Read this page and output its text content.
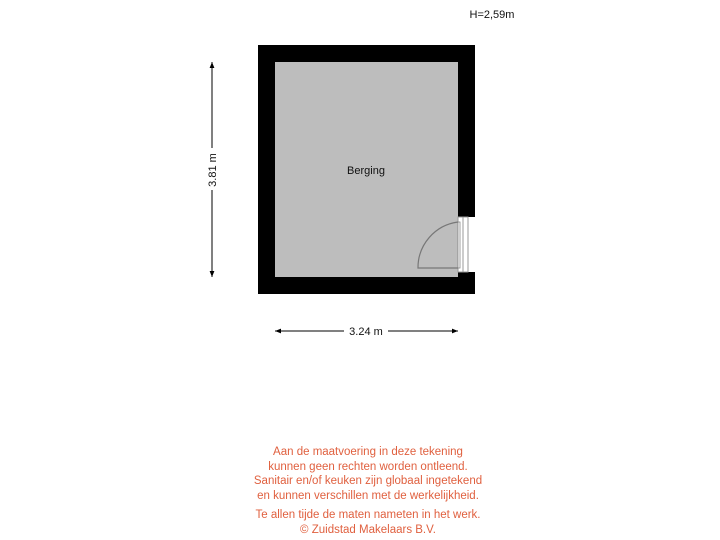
Berging
3.81 m
3.24 m
H=2,59m
Aan de maatvoering in deze tekening
kunnen geen rechten worden ontleend.
Sanitair en/of keuken zijn globaal ingetekend
en kunnen verschillen met de werkelijkheid.
Te allen tijde de maten nameten in het werk.
© Zuidstad Makelaars B.V.
